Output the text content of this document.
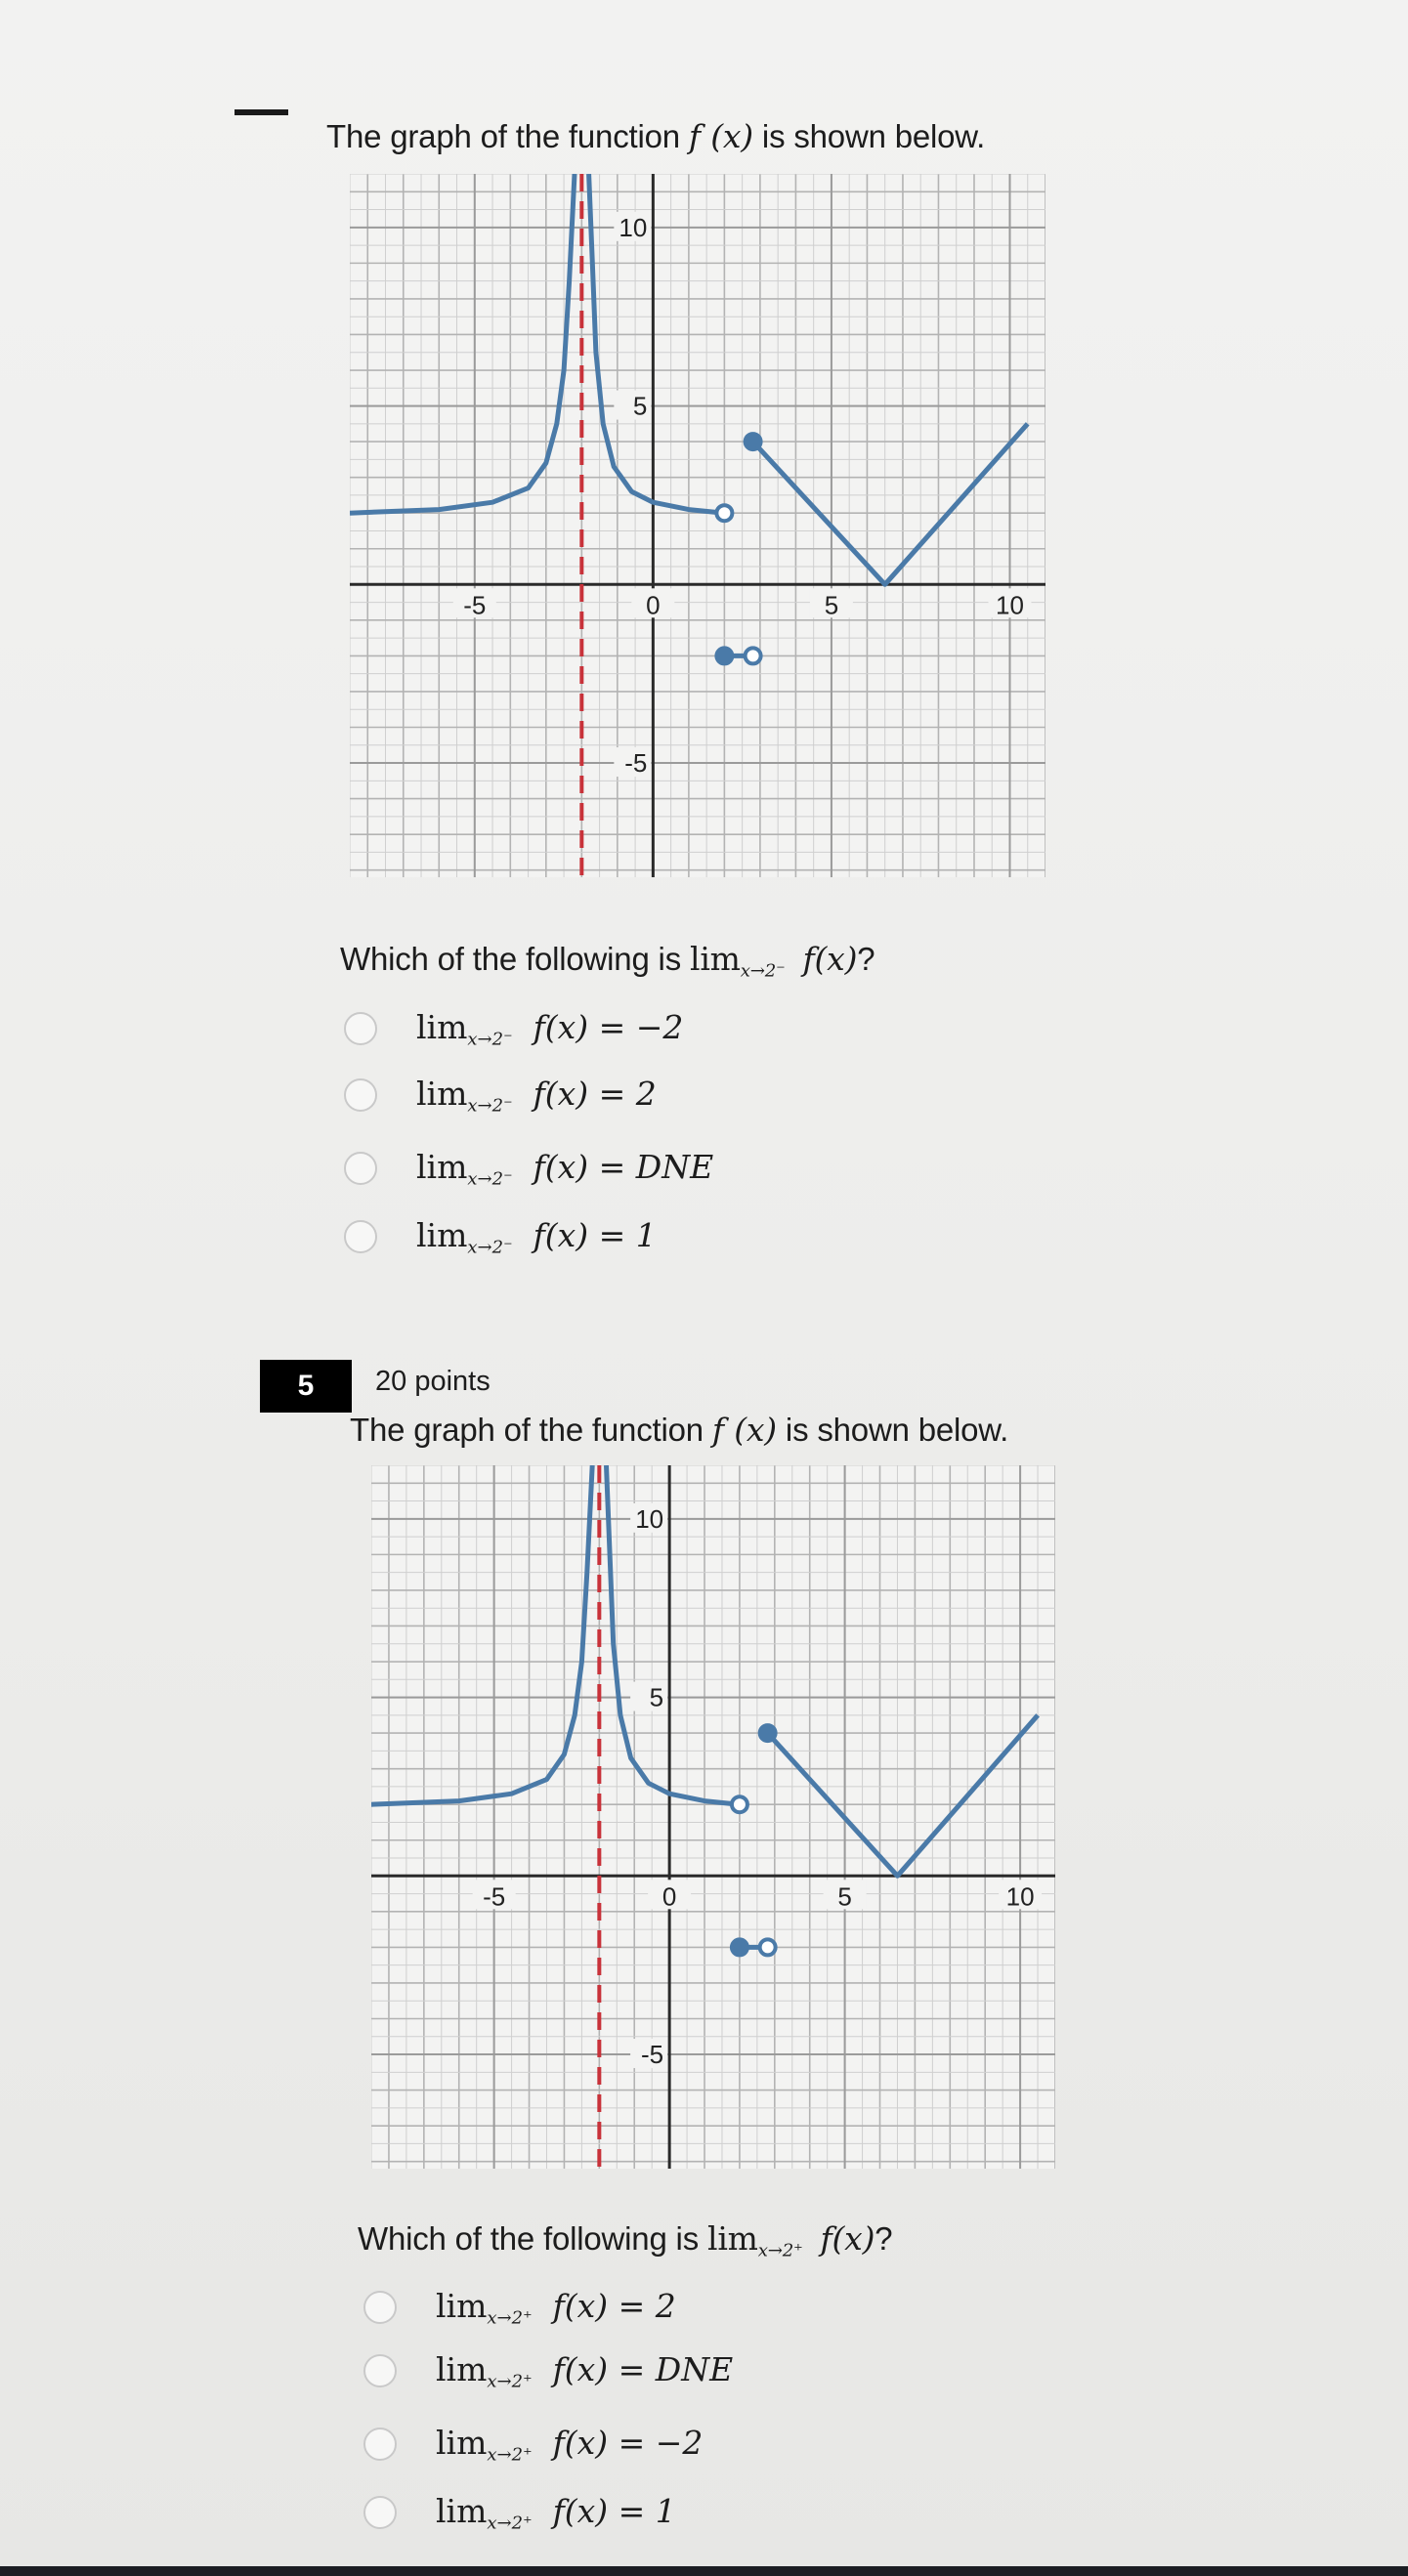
The graph of the function f (x) is shown below.
-5	0	5	10
10
5
-5
Which of the following is $\lim_{x\to 2^-} f(x)$?
$\lim_{x\to 2^-} f(x) = -2$
$\lim_{x\to 2^-} f(x) = 2$
$\lim_{x\to 2^-} f(x)$ = DNE
$\lim_{x\to 2^-} f(x) = 1$
5	20 points
The graph of the function f (x) is shown below.
-5	0	5	10
10
5
-5
Which of the following is $\lim_{x\to 2^+} f(x)$?
$\lim_{x\to 2^+} f(x) = 2$
$\lim_{x\to 2^+} f(x)$ = DNE
$\lim_{x\to 2^+} f(x) = -2$
$\lim_{x\to 2^+} f(x) = 1$
